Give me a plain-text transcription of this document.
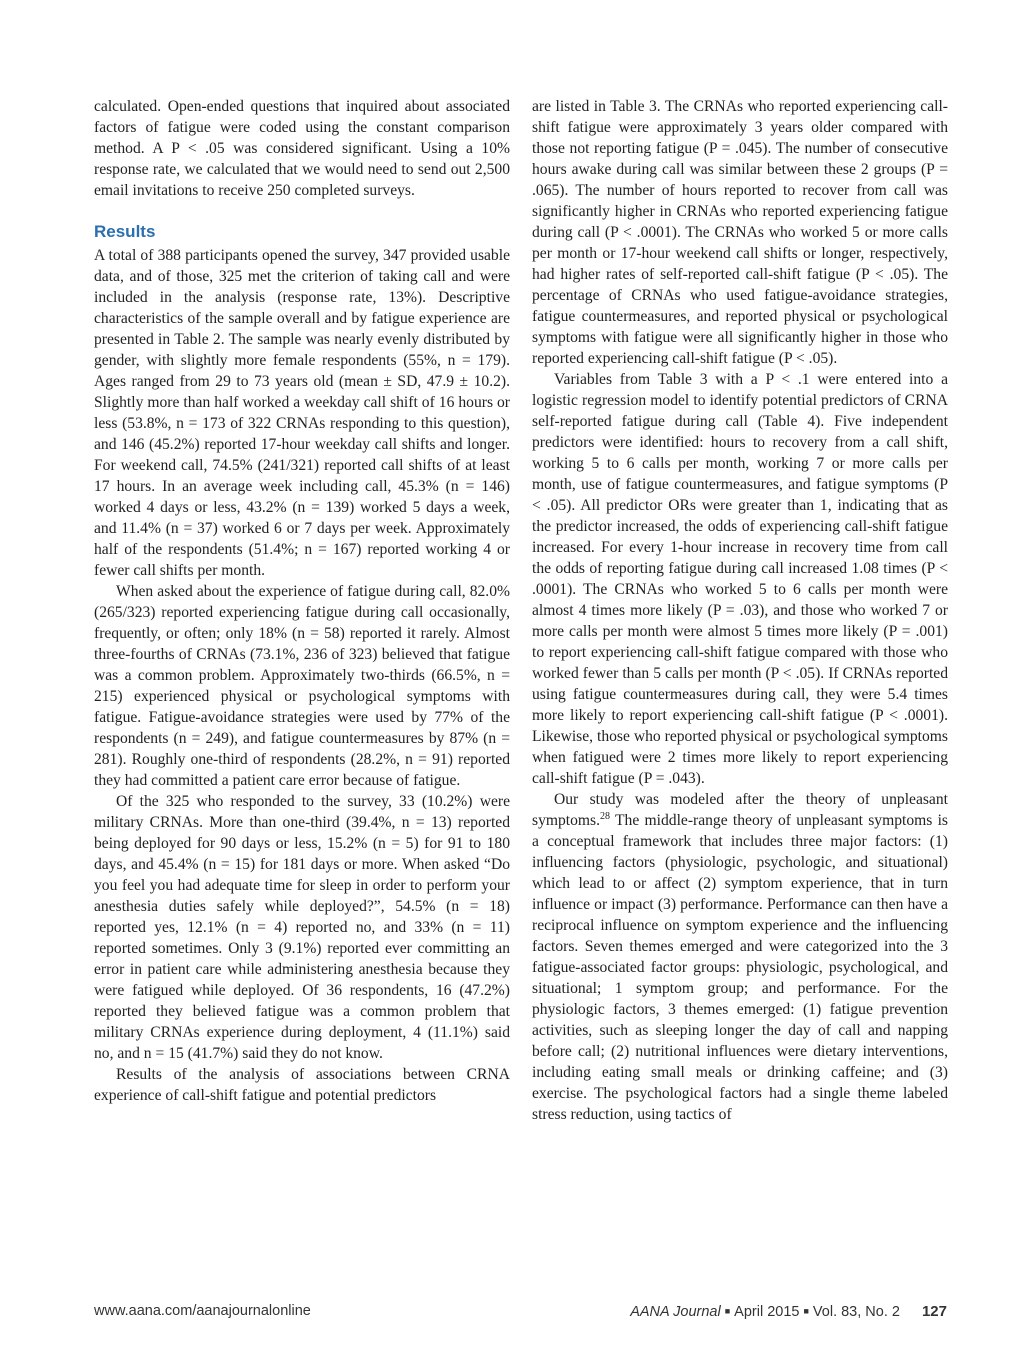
calculated. Open-ended questions that inquired about associated factors of fatigue were coded using the constant comparison method. A P < .05 was considered significant. Using a 10% response rate, we calculated that we would need to send out 2,500 email invitations to receive 250 completed surveys.

Results

A total of 388 participants opened the survey, 347 provided usable data, and of those, 325 met the criterion of taking call and were included in the analysis (response rate, 13%). Descriptive characteristics of the sample overall and by fatigue experience are presented in Table 2. The sample was nearly evenly distributed by gender, with slightly more female respondents (55%, n = 179). Ages ranged from 29 to 73 years old (mean ± SD, 47.9 ± 10.2). Slightly more than half worked a weekday call shift of 16 hours or less (53.8%, n = 173 of 322 CRNAs responding to this question), and 146 (45.2%) reported 17-hour weekday call shifts and longer. For weekend call, 74.5% (241/321) reported call shifts of at least 17 hours. In an average week including call, 45.3% (n = 146) worked 4 days or less, 43.2% (n = 139) worked 5 days a week, and 11.4% (n = 37) worked 6 or 7 days per week. Approximately half of the respondents (51.4%; n = 167) reported working 4 or fewer call shifts per month.

When asked about the experience of fatigue during call, 82.0% (265/323) reported experiencing fatigue during call occasionally, frequently, or often; only 18% (n = 58) reported it rarely. Almost three-fourths of CRNAs (73.1%, 236 of 323) believed that fatigue was a common problem. Approximately two-thirds (66.5%, n = 215) experienced physical or psychological symptoms with fatigue. Fatigue-avoidance strategies were used by 77% of the respondents (n = 249), and fatigue countermeasures by 87% (n = 281). Roughly one-third of respondents (28.2%, n = 91) reported they had committed a patient care error because of fatigue.

Of the 325 who responded to the survey, 33 (10.2%) were military CRNAs. More than one-third (39.4%, n = 13) reported being deployed for 90 days or less, 15.2% (n = 5) for 91 to 180 days, and 45.4% (n = 15) for 181 days or more. When asked “Do you feel you had adequate time for sleep in order to perform your anesthesia duties safely while deployed?”, 54.5% (n = 18) reported yes, 12.1% (n = 4) reported no, and 33% (n = 11) reported sometimes. Only 3 (9.1%) reported ever committing an error in patient care while administering anesthesia because they were fatigued while deployed. Of 36 respondents, 16 (47.2%) reported they believed fatigue was a common problem that military CRNAs experience during deployment, 4 (11.1%) said no, and n = 15 (41.7%) said they do not know.

Results of the analysis of associations between CRNA experience of call-shift fatigue and potential predictors

are listed in Table 3. The CRNAs who reported experiencing call-shift fatigue were approximately 3 years older compared with those not reporting fatigue (P = .045). The number of consecutive hours awake during call was similar between these 2 groups (P = .065). The number of hours reported to recover from call was significantly higher in CRNAs who reported experiencing fatigue during call (P < .0001). The CRNAs who worked 5 or more calls per month or 17-hour weekend call shifts or longer, respectively, had higher rates of self-reported call-shift fatigue (P < .05). The percentage of CRNAs who used fatigue-avoidance strategies, fatigue countermeasures, and reported physical or psychological symptoms with fatigue were all significantly higher in those who reported experiencing call-shift fatigue (P < .05).

Variables from Table 3 with a P < .1 were entered into a logistic regression model to identify potential predictors of CRNA self-reported fatigue during call (Table 4). Five independent predictors were identified: hours to recovery from a call shift, working 5 to 6 calls per month, working 7 or more calls per month, use of fatigue countermeasures, and fatigue symptoms (P < .05). All predictor ORs were greater than 1, indicating that as the predictor increased, the odds of experiencing call-shift fatigue increased. For every 1-hour increase in recovery time from call the odds of reporting fatigue during call increased 1.08 times (P < .0001). The CRNAs who worked 5 to 6 calls per month were almost 4 times more likely (P = .03), and those who worked 7 or more calls per month were almost 5 times more likely (P = .001) to report experiencing call-shift fatigue compared with those who worked fewer than 5 calls per month (P < .05). If CRNAs reported using fatigue countermeasures during call, they were 5.4 times more likely to report experiencing call-shift fatigue (P < .0001). Likewise, those who reported physical or psychological symptoms when fatigued were 2 times more likely to report experiencing call-shift fatigue (P = .043).

Our study was modeled after the theory of unpleasant symptoms.$^{28}$ The middle-range theory of unpleasant symptoms is a conceptual framework that includes three major factors: (1) influencing factors (physiologic, psychologic, and situational) which lead to or affect (2) symptom experience, that in turn influence or impact (3) performance. Performance can then have a reciprocal influence on symptom experience and the influencing factors. Seven themes emerged and were categorized into the 3 fatigue-associated factor groups: physiologic, psychological, and situational; 1 symptom group; and performance. For the physiologic factors, 3 themes emerged: (1) fatigue prevention activities, such as sleeping longer the day of call and napping before call; (2) nutritional influences were dietary interventions, including eating small meals or drinking caffeine; and (3) exercise. The psychological factors had a single theme labeled stress reduction, using tactics of

www.aana.com/aanajournalonline	AANA Journal ■ April 2015 ■ Vol. 83, No. 2 127
